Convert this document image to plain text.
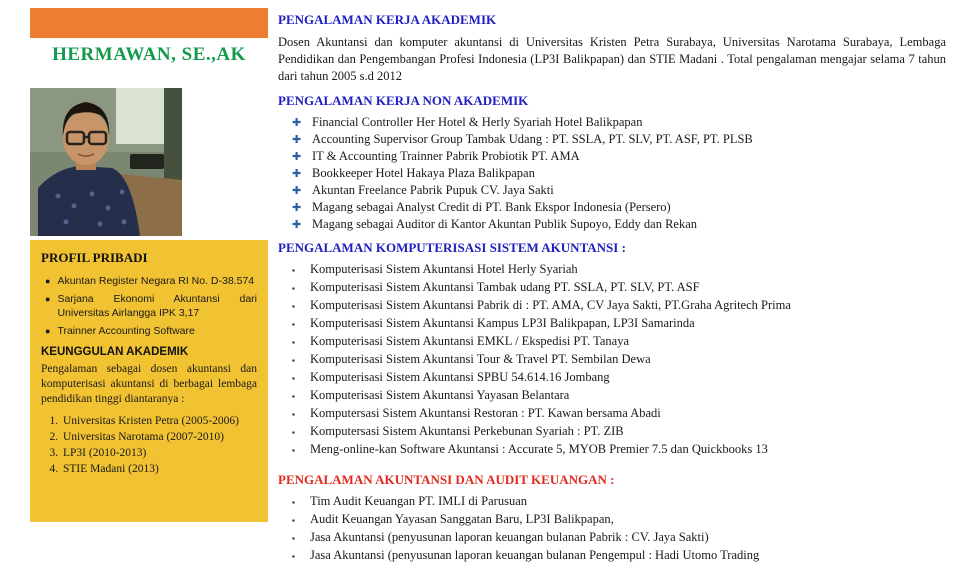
HERMAWAN, SE.,AK
PROFIL PRIBADI
● Akuntan Register Negara RI No. D-38.574
● Sarjana Ekonomi Akuntansi dari Universitas Airlangga IPK 3,17
● Trainner Accounting Software
KEUNGGULAN AKADEMIK

Pengalaman sebagai dosen akuntansi dan komputerisasi akuntansi di berbagai lembaga pendidikan tinggi diantaranya :

1. Universitas Kristen Petra (2005-2006)
2. Universitas Narotama (2007-2010)
3. LP3I (2010-2013)
4. STIE Madani (2013)
PENGALAMAN KERJA AKADEMIK

Dosen Akuntansi dan komputer akuntansi di Universitas Kristen Petra Surabaya, Universitas Narotama Surabaya, Lembaga Pendidikan dan Pengembangan Profesi Indonesia (LP3I Balikpapan) dan STIE Madani . Total pengalaman mengajar selama 7 tahun dari tahun 2005 s.d 2012

PENGALAMAN KERJA NON AKADEMIK
✚ Financial Controller Her Hotel & Herly Syariah Hotel Balikpapan
✚ Accounting Supervisor Group Tambak Udang : PT. SSLA, PT. SLV, PT. ASF, PT. PLSB
✚ IT & Accounting Trainner Pabrik Probiotik PT. AMA
✚ Bookkeeper Hotel Hakaya Plaza Balikpapan
✚ Akuntan Freelance Pabrik Pupuk CV. Jaya Sakti
✚ Magang sebagai Analyst Credit di PT. Bank Ekspor Indonesia (Persero)
✚ Magang sebagai Auditor di Kantor Akuntan Publik Supoyo, Eddy dan Rekan
PENGALAMAN KOMPUTERISASI SISTEM AKUNTANSI :
▪	Komputerisasi Sistem Akuntansi Hotel Herly Syariah
▪	Komputerisasi Sistem Akuntansi Tambak udang PT. SSLA, PT. SLV, PT. ASF
▪	Komputerisasi Sistem Akuntansi Pabrik di : PT. AMA, CV Jaya Sakti, PT.Graha Agritech Prima
▪	Komputerisasi Sistem Akuntansi Kampus LP3I Balikpapan, LP3I Samarinda
▪	Komputerisasi Sistem Akuntansi EMKL / Ekspedisi PT. Tanaya
▪	Komputerisasi Sistem Akuntansi Tour & Travel PT. Sembilan Dewa
▪	Komputerisasi Sistem Akuntansi SPBU 54.614.16 Jombang
▪	Komputerisasi Sistem Akuntansi Yayasan Belantara
▪	Komputersasi Sistem Akuntansi Restoran : PT. Kawan bersama Abadi
▪	Komputersasi Sistem Akuntansi Perkebunan Syariah : PT. ZIB
▪	Meng-online-kan Software Akuntansi : Accurate 5, MYOB Premier 7.5 dan Quickbooks 13
PENGALAMAN AKUNTANSI DAN AUDIT KEUANGAN :
▪	Tim Audit Keuangan PT. IMLI di Parusuan
▪	Audit Keuangan Yayasan Sanggatan Baru, LP3I Balikpapan,
▪	Jasa Akuntansi (penyusunan laporan keuangan bulanan Pabrik : CV. Jaya Sakti)
▪	Jasa Akuntansi (penyusunan laporan keuangan bulanan Pengempul : Hadi Utomo Trading
